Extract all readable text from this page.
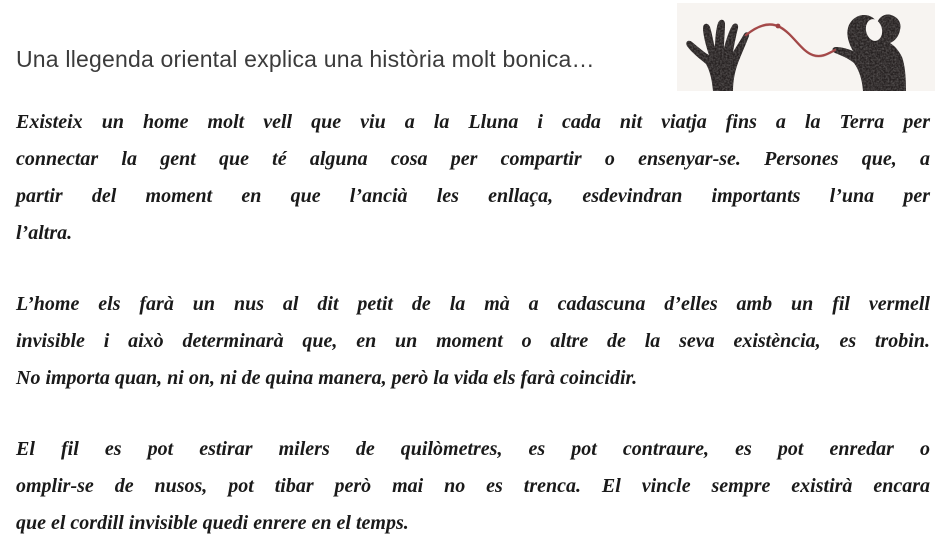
Una llegenda oriental explica una història molt bonica…
Existeix un home molt vell que viu a la Lluna i cada nit viatja fins a la Terra per
connectar la gent que té alguna cosa per compartir o ensenyar-se. Persones que, a
partir del moment en que l’ancià les enllaça, esdevindran importants l’una per
l’altra.
L’home els farà un nus al dit petit de la mà a cadascuna d’elles amb un fil vermell
invisible i això determinarà que, en un moment o altre de la seva existència, es trobin.
No importa quan, ni on, ni de quina manera, però la vida els farà coincidir.
El fil es pot estirar milers de quilòmetres, es pot contraure, es pot enredar o
omplir-se de nusos, pot tibar però mai no es trenca. El vincle sempre existirà encara
que el cordill invisible quedi enrere en el temps.
